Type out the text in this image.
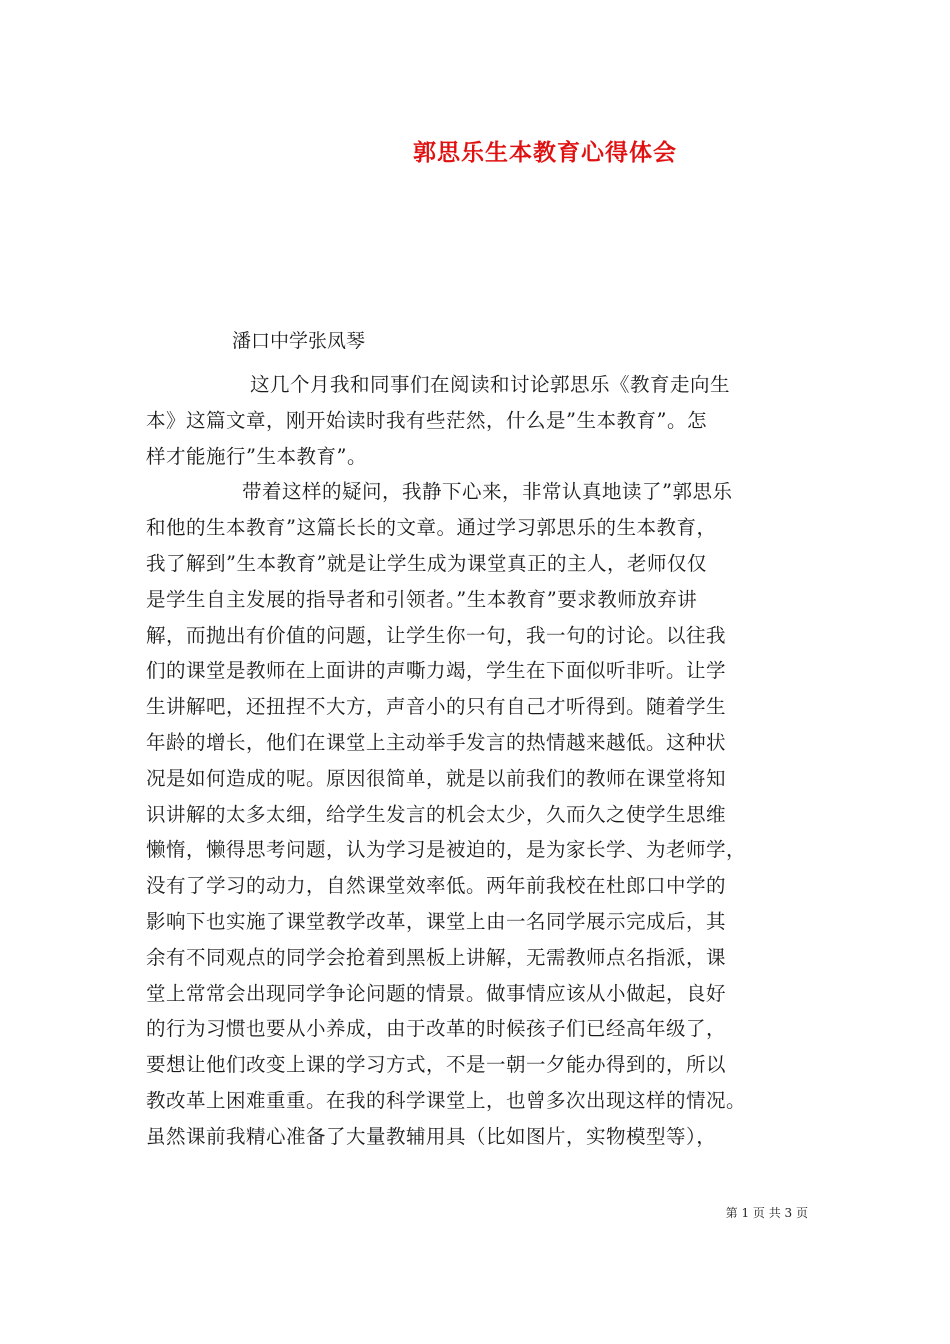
郭思乐生本教育心得体会
潘口中学张凤琴
这几个月我和同事们在阅读和讨论郭思乐《教育走向生
本》这篇文章，刚开始读时我有些茫然，什么是”生本教育”。怎
样才能施行”生本教育”。
带着这样的疑问，我静下心来，非常认真地读了”郭思乐
和他的生本教育”这篇长长的文章。通过学习郭思乐的生本教育，
我了解到”生本教育”就是让学生成为课堂真正的主人，老师仅仅
是学生自主发展的指导者和引领者。”生本教育”要求教师放弃讲
解，而抛出有价值的问题，让学生你一句，我一句的讨论。以往我
们的课堂是教师在上面讲的声嘶力竭，学生在下面似听非听。让学
生讲解吧，还扭捏不大方，声音小的只有自己才听得到。随着学生
年龄的增长，他们在课堂上主动举手发言的热情越来越低。这种状
况是如何造成的呢。原因很简单，就是以前我们的教师在课堂将知
识讲解的太多太细，给学生发言的机会太少，久而久之使学生思维
懒惰，懒得思考问题，认为学习是被迫的，是为家长学、为老师学，
没有了学习的动力，自然课堂效率低。两年前我校在杜郎口中学的
影响下也实施了课堂教学改革，课堂上由一名同学展示完成后，其
余有不同观点的同学会抢着到黑板上讲解，无需教师点名指派，课
堂上常常会出现同学争论问题的情景。做事情应该从小做起，良好
的行为习惯也要从小养成，由于改革的时候孩子们已经高年级了，
要想让他们改变上课的学习方式，不是一朝一夕能办得到的，所以
教改革上困难重重。在我的科学课堂上，也曾多次出现这样的情况。
虽然课前我精心准备了大量教辅用具（比如图片，实物模型等），
第 1 页 共 3 页
